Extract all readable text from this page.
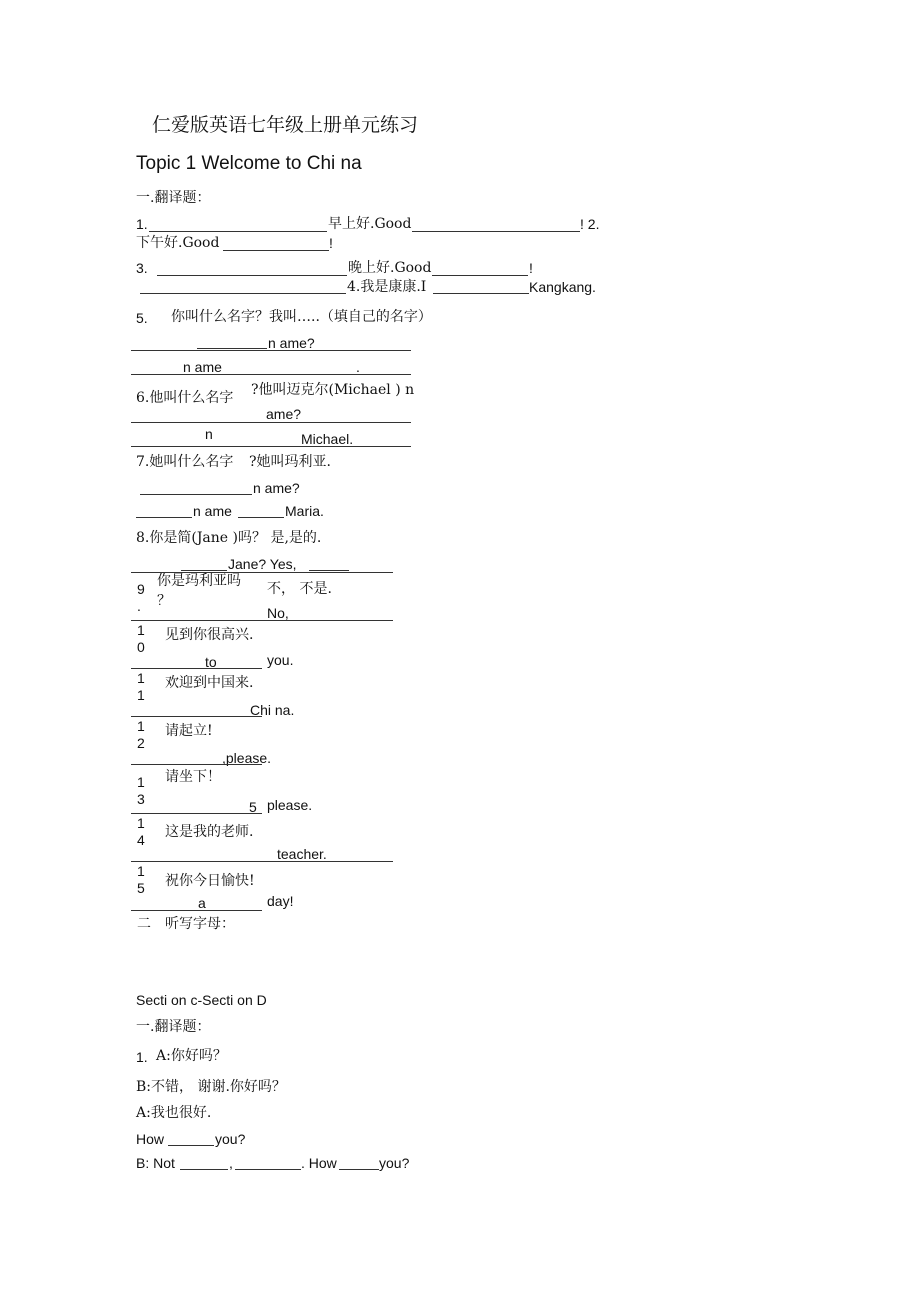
仁爱版英语七年级上册单元练习
Topic 1 Welcome to Chi na
一.翻译题：
1.	早上好.Good	! 2.
下午好.Good	!
3.	晚上好.Good	!
4.我是康康.I	Kangkang.
5. 你叫什么名字？我叫…..（填自己的名字）
n ame?
n ame	.
6.他叫什么名字 ?他叫迈克尔(Michael ) n
ame?
n	Michael.
7.她叫什么名字 ?她叫玛利亚.
n ame?
n ame	Maria.
8.你是简(Jane )吗？ 是,是的.
Jane? Yes,
9
.
你是玛利亚吗
？
不， 不是.
No,
1
0
见到你很高兴.
to	you.
1
1
欢迎到中国来.
Chi na.
1
2
请起立!
,please.
1
3
请坐下！
5 please.
1
4 这是我的老师.
teacher.
1
5 祝你今日愉快!
a	day!
二 听写字母：
Secti on c-Secti on D
一.翻译题：
1. A:你好吗？
B:不错， 谢谢.你好吗？
A:我也很好.
How	you?
B: Not	,	. How	you?
